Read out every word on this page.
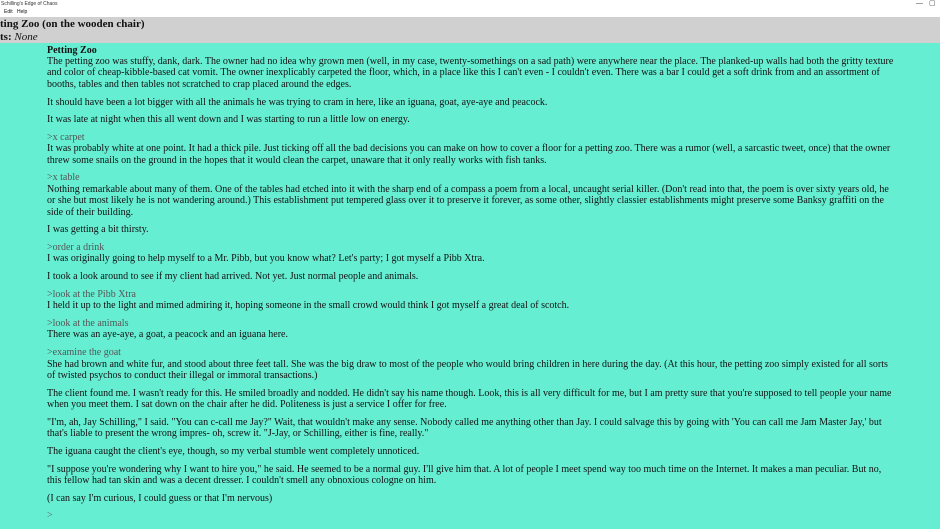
Schilling's Edge of Chaos	— ▢
Edit Help
ting Zoo (on the wooden chair)
ts: None
Petting Zoo

The petting zoo was stuffy, dank, dark. The owner had no idea why grown men (well, in my case, twenty-somethings on a sad path) were anywhere near the place. The planked-up walls had both the gritty texture and color of cheap-kibble-based cat vomit. The owner inexplicably carpeted the floor, which, in a place like this I can't even - I couldn't even. There was a bar I could get a soft drink from and an assortment of booths, tables and then tables not scratched to crap placed around the edges.

It should have been a lot bigger with all the animals he was trying to cram in here, like an iguana, goat, aye-aye and peacock.

It was late at night when this all went down and I was starting to run a little low on energy.

>x carpet

It was probably white at one point. It had a thick pile. Just ticking off all the bad decisions you can make on how to cover a floor for a petting zoo. There was a rumor (well, a sarcastic tweet, once) that the owner threw some snails on the ground in the hopes that it would clean the carpet, unaware that it only really works with fish tanks.

>x table

Nothing remarkable about many of them. One of the tables had etched into it with the sharp end of a compass a poem from a local, uncaught serial killer. (Don't read into that, the poem is over sixty years old, he or she but most likely he is not wandering around.) This establishment put tempered glass over it to preserve it forever, as some other, slightly classier establishments might preserve some Banksy graffiti on the side of their building.

I was getting a bit thirsty.

>order a drink

I was originally going to help myself to a Mr. Pibb, but you know what? Let's party; I got myself a Pibb Xtra.

I took a look around to see if my client had arrived. Not yet. Just normal people and animals.

>look at the Pibb Xtra

I held it up to the light and mimed admiring it, hoping someone in the small crowd would think I got myself a great deal of scotch.

>look at the animals

There was an aye-aye, a goat, a peacock and an iguana here.

>examine the goat

She had brown and white fur, and stood about three feet tall. She was the big draw to most of the people who would bring children in here during the day. (At this hour, the petting zoo simply existed for all sorts of twisted psychos to conduct their illegal or immoral transactions.)

The client found me. I wasn't ready for this. He smiled broadly and nodded. He didn't say his name though. Look, this is all very difficult for me, but I am pretty sure that you're supposed to tell people your name when you meet them. I sat down on the chair after he did. Politeness is just a service I offer for free.

"I'm, ah, Jay Schilling," I said. "You can c-call me Jay?" Wait, that wouldn't make any sense. Nobody called me anything other than Jay. I could salvage this by going with 'You can call me Jam Master Jay,' but that's liable to present the wrong impres- oh, screw it. "J-Jay, or Schilling, either is fine, really."

The iguana caught the client's eye, though, so my verbal stumble went completely unnoticed.

"I suppose you're wondering why I want to hire you," he said. He seemed to be a normal guy. I'll give him that. A lot of people I meet spend way too much time on the Internet. It makes a man peculiar. But no, this fellow had tan skin and was a decent dresser. I couldn't smell any obnoxious cologne on him.

(I can say I'm curious, I could guess or that I'm nervous)

>
